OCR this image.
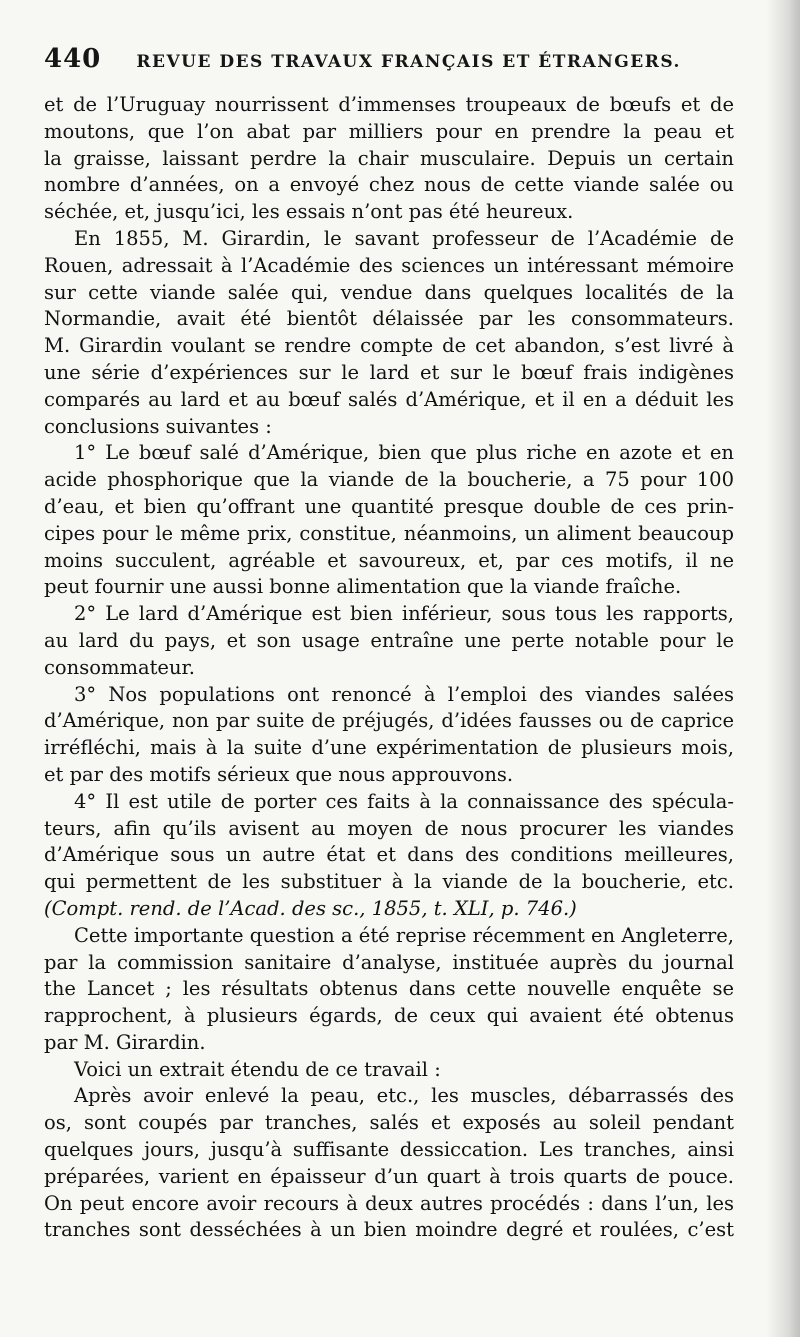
440 REVUE DES TRAVAUX FRANÇAIS ET ÉTRANGERS.
et de l’Uruguay nourrissent d’immenses troupeaux de bœufs et de
moutons, que l’on abat par milliers pour en prendre la peau et
la graisse, laissant perdre la chair musculaire. Depuis un certain
nombre d’années, on a envoyé chez nous de cette viande salée ou
séchée, et, jusqu’ici, les essais n’ont pas été heureux.
En 1855, M. Girardin, le savant professeur de l’Académie de
Rouen, adressait à l’Académie des sciences un intéressant mémoire
sur cette viande salée qui, vendue dans quelques localités de la
Normandie, avait été bientôt délaissée par les consommateurs.
M. Girardin voulant se rendre compte de cet abandon, s’est livré à
une série d’expériences sur le lard et sur le bœuf frais indigènes
comparés au lard et au bœuf salés d’Amérique, et il en a déduit les
conclusions suivantes :
1° Le bœuf salé d’Amérique, bien que plus riche en azote et en
acide phosphorique que la viande de la boucherie, a 75 pour 100
d’eau, et bien qu’offrant une quantité presque double de ces prin-
cipes pour le même prix, constitue, néanmoins, un aliment beaucoup
moins succulent, agréable et savoureux, et, par ces motifs, il ne
peut fournir une aussi bonne alimentation que la viande fraîche.
2° Le lard d’Amérique est bien inférieur, sous tous les rapports,
au lard du pays, et son usage entraîne une perte notable pour le
consommateur.
3° Nos populations ont renoncé à l’emploi des viandes salées
d’Amérique, non par suite de préjugés, d’idées fausses ou de caprice
irréfléchi, mais à la suite d’une expérimentation de plusieurs mois,
et par des motifs sérieux que nous approuvons.
4° Il est utile de porter ces faits à la connaissance des spécula-
teurs, afin qu’ils avisent au moyen de nous procurer les viandes
d’Amérique sous un autre état et dans des conditions meilleures,
qui permettent de les substituer à la viande de la boucherie, etc.
(Compt. rend. de l’Acad. des sc., 1855, t. XLI, p. 746.)
Cette importante question a été reprise récemment en Angleterre,
par la commission sanitaire d’analyse, instituée auprès du journal
the Lancet ; les résultats obtenus dans cette nouvelle enquête se
rapprochent, à plusieurs égards, de ceux qui avaient été obtenus
par M. Girardin.
Voici un extrait étendu de ce travail :
Après avoir enlevé la peau, etc., les muscles, débarrassés des
os, sont coupés par tranches, salés et exposés au soleil pendant
quelques jours, jusqu’à suffisante dessiccation. Les tranches, ainsi
préparées, varient en épaisseur d’un quart à trois quarts de pouce.
On peut encore avoir recours à deux autres procédés : dans l’un, les
tranches sont desséchées à un bien moindre degré et roulées, c’est
